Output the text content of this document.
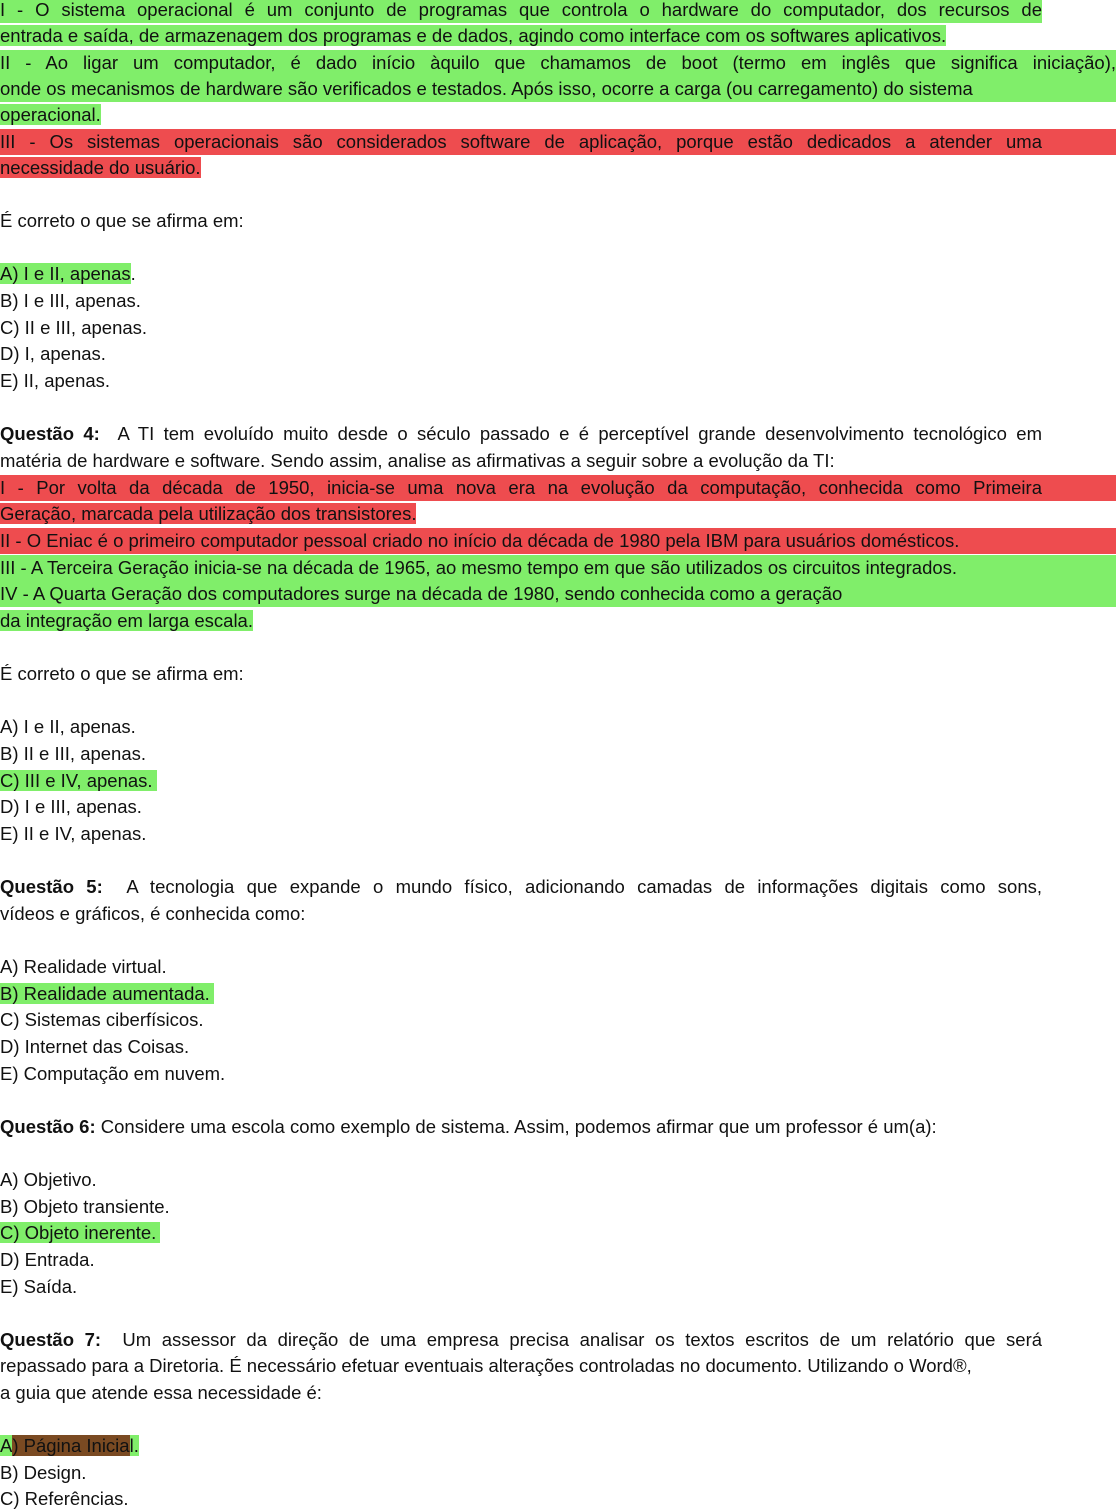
I - O sistema operacional é um conjunto de programas que controla o hardware do computador, dos recursos de
entrada e saída, de armazenagem dos programas e de dados, agindo como interface com os softwares aplicativos.
II - Ao ligar um computador, é dado início àquilo que chamamos de boot (termo em inglês que significa iniciação),
onde os mecanismos de hardware são verificados e testados. Após isso, ocorre a carga (ou carregamento) do sistema
operacional.
III - Os sistemas operacionais são considerados software de aplicação, porque estão dedicados a atender uma
necessidade do usuário.
É correto o que se afirma em:
A) I e II, apenas.
B) I e III, apenas.
C) II e III, apenas.
D) I, apenas.
E) II, apenas.
Questão 4: A TI tem evoluído muito desde o século passado e é perceptível grande desenvolvimento tecnológico em
matéria de hardware e software. Sendo assim, analise as afirmativas a seguir sobre a evolução da TI:
I - Por volta da década de 1950, inicia-se uma nova era na evolução da computação, conhecida como Primeira
Geração, marcada pela utilização dos transistores.
II - O Eniac é o primeiro computador pessoal criado no início da década de 1980 pela IBM para usuários domésticos.
III - A Terceira Geração inicia-se na década de 1965, ao mesmo tempo em que são utilizados os circuitos integrados.
IV - A Quarta Geração dos computadores surge na década de 1980, sendo conhecida como a geração
da integração em larga escala.
É correto o que se afirma em:
A) I e II, apenas.
B) II e III, apenas.
C) III e IV, apenas.
D) I e III, apenas.
E) II e IV, apenas.
Questão 5: A tecnologia que expande o mundo físico, adicionando camadas de informações digitais como sons,
vídeos e gráficos, é conhecida como:
A) Realidade virtual.
B) Realidade aumentada.
C) Sistemas ciberfísicos.
D) Internet das Coisas.
E) Computação em nuvem.
Questão 6: Considere uma escola como exemplo de sistema. Assim, podemos afirmar que um professor é um(a):
A) Objetivo.
B) Objeto transiente.
C) Objeto inerente.
D) Entrada.
E) Saída.
Questão 7: Um assessor da direção de uma empresa precisa analisar os textos escritos de um relatório que será
repassado para a Diretoria. É necessário efetuar eventuais alterações controladas no documento. Utilizando o Word®,
a guia que atende essa necessidade é:
A) Página Inicial.
B) Design.
C) Referências.
